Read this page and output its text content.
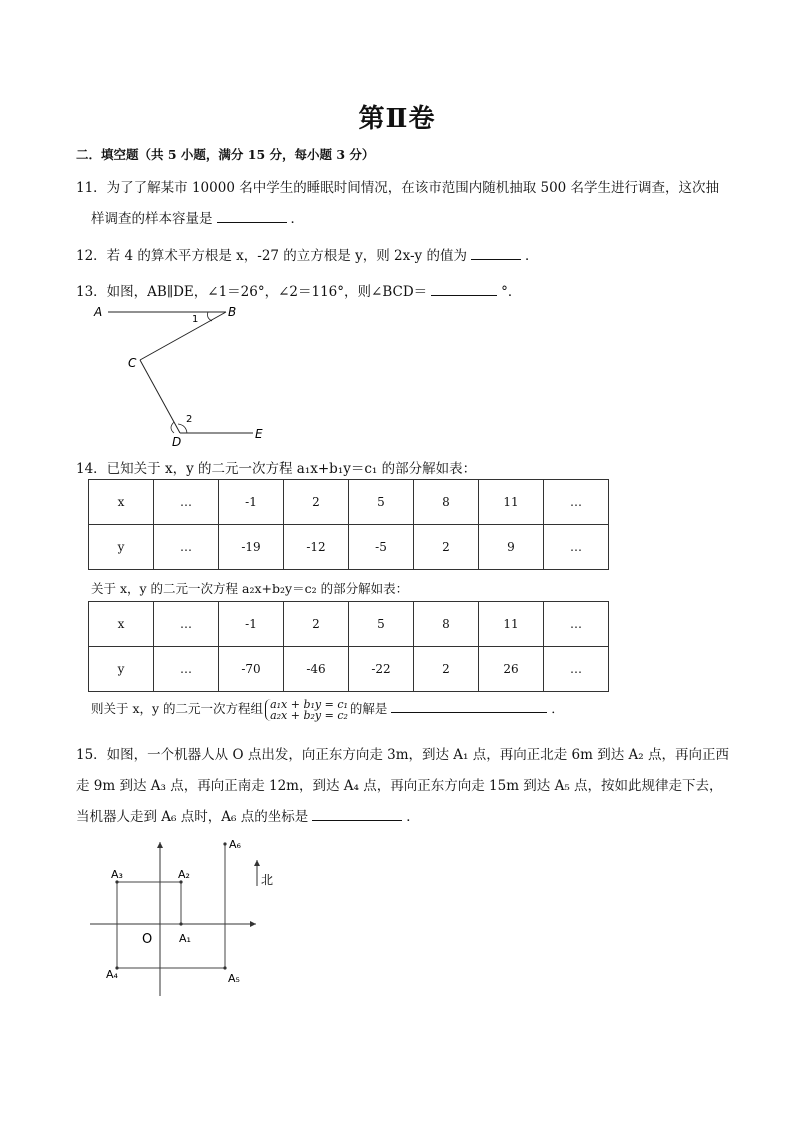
第Ⅱ卷
二．填空题（共 5 小题，满分 15 分，每小题 3 分）
11．为了了解某市 10000 名中学生的睡眠时间情况，在该市范围内随机抽取 500 名学生进行调查，这次抽
样调查的样本容量是	．
12．若 4 的算术平方根是 x，-27 的立方根是 y，则 2x-y 的值为	．
13．如图，AB∥DE，∠1＝26°，∠2＝116°，则∠BCD＝	°．
A	B
C
D
E
1
2
14．已知关于 x，y 的二元一次方程 a₁x+b₁y＝c₁ 的部分解如表：
x	…	-1	2	5	8	11	…
y	…	-19	-12	-5	2	9	…
关于 x，y 的二元一次方程 a₂x+b₂y＝c₂ 的部分解如表：
x	…	-1	2	5	8	11	…
y	…	-70	-46	-22	2	26	…
则关于 x，y 的二元一次方程组 a₁x + b₁y = c₁
a₂x + b₂y = c₂ 的解是	．
15．如图，一个机器人从 O 点出发，向正东方向走 3m，到达 A₁ 点，再向正北走 6m 到达 A₂ 点，再向正西
走 9m 到达 A₃ 点，再向正南走 12m，到达 A₄ 点，再向正东方向走 15m 到达 A₅ 点，按如此规律走下去，
当机器人走到 A₆ 点时，A₆ 点的坐标是	．
O A₁
A₂
A₃
A₄	A₅
A₆
北
